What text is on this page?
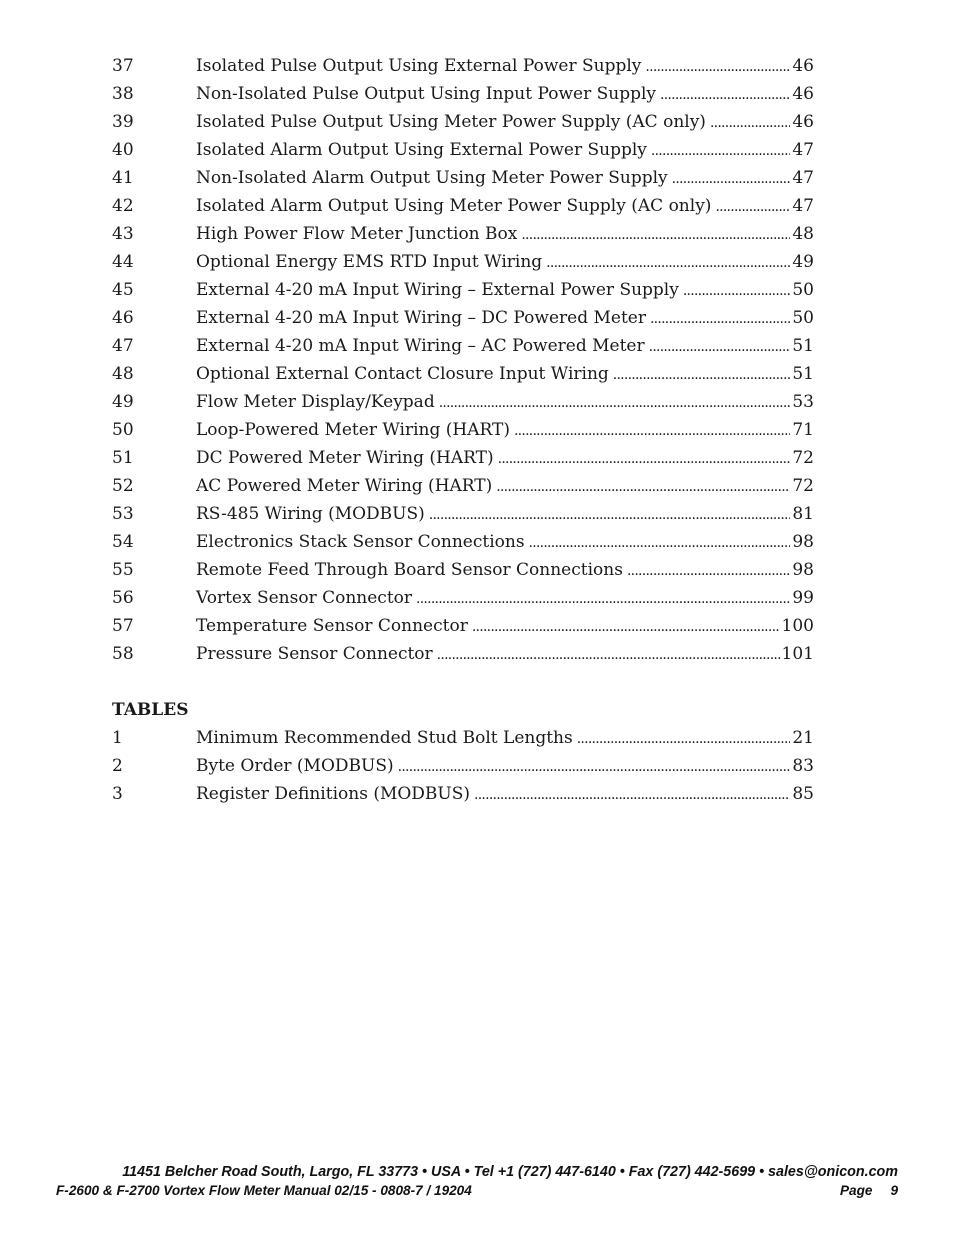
37	Isolated Pulse Output Using External Power Supply . . .	46
38	Non-Isolated Pulse Output Using Input Power Supply . . .	46
39	Isolated Pulse Output Using Meter Power Supply (AC only) . . .	46
40	Isolated Alarm Output Using External Power Supply . . .	47
41	Non-Isolated Alarm Output Using Meter Power Supply . . .	47
42	Isolated Alarm Output Using Meter Power Supply (AC only) . . .	47
43	High Power Flow Meter Junction Box . . .	48
44	Optional Energy EMS RTD Input Wiring . . .	49
45	External 4-20 mA Input Wiring – External Power Supply . . .	50
46	External 4-20 mA Input Wiring – DC Powered Meter . . .	50
47	External 4-20 mA Input Wiring – AC Powered Meter . . .	51
48	Optional External Contact Closure Input Wiring . . .	51
49	Flow Meter Display/Keypad . . .	53
50	Loop-Powered Meter Wiring (HART) . . .	71
51	DC Powered Meter Wiring (HART) . . .	72
52	AC Powered Meter Wiring (HART) . . .	72
53	RS-485 Wiring (MODBUS) . . .	81
54	Electronics Stack Sensor Connections . . .	98
55	Remote Feed Through Board Sensor Connections . . .	98
56	Vortex Sensor Connector . . .	99
57	Temperature Sensor Connector . . .	100
58	Pressure Sensor Connector . . .	101
TABLES
1	Minimum Recommended Stud Bolt Lengths . . .	21
2	Byte Order (MODBUS) . . .	83
3	Register Definitions (MODBUS) . . .	85
11451 Belcher Road South, Largo, FL 33773 • USA • Tel +1 (727) 447-6140 • Fax (727) 442-5699 • sales@onicon.com
F-2600 & F-2700 Vortex Flow Meter Manual 02/15 - 0808-7 / 19204	Page 9
